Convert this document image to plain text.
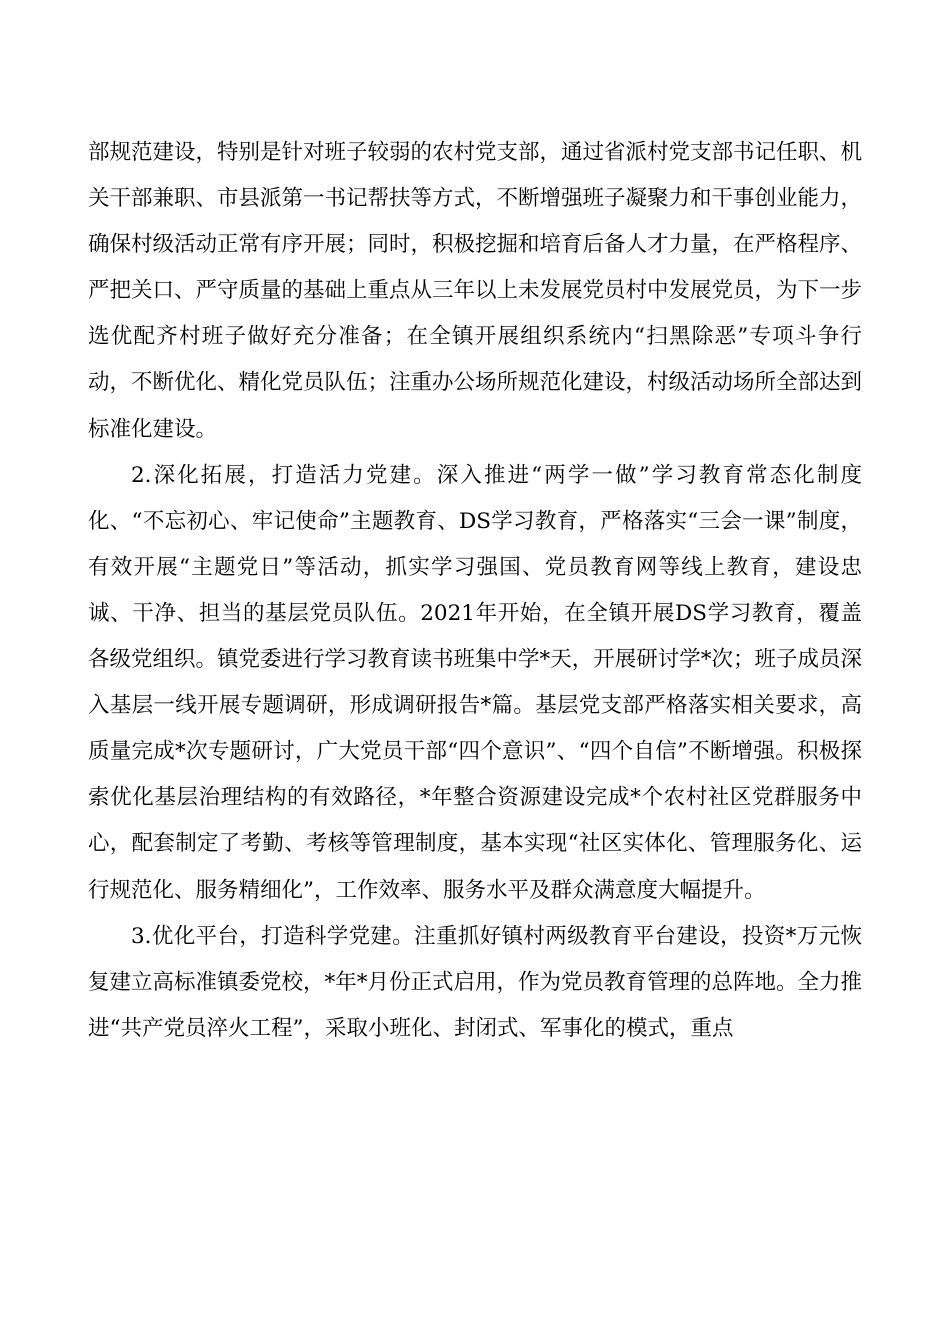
部规范建设，特别是针对班子较弱的农村党支部，通过省派村党支部书记任职、机关干部兼职、市县派第一书记帮扶等方式，不断增强班子凝聚力和干事创业能力，确保村级活动正常有序开展；同时，积极挖掘和培育后备人才力量，在严格程序、严把关口、严守质量的基础上重点从三年以上未发展党员村中发展党员，为下一步选优配齐村班子做好充分准备；在全镇开展组织系统内“扫黑除恶”专项斗争行动，不断优化、精化党员队伍；注重办公场所规范化建设，村级活动场所全部达到标准化建设。

2.深化拓展，打造活力党建。深入推进“两学一做”学习教育常态化制度化、“不忘初心、牢记使命”主题教育、DS学习教育，严格落实“三会一课”制度，有效开展“主题党日”等活动，抓实学习强国、党员教育网等线上教育，建设忠诚、干净、担当的基层党员队伍。2021年开始，在全镇开展DS学习教育，覆盖各级党组织。镇党委进行学习教育读书班集中学*天，开展研讨学*次；班子成员深入基层一线开展专题调研，形成调研报告*篇。基层党支部严格落实相关要求，高质量完成*次专题研讨，广大党员干部“四个意识”、“四个自信”不断增强。积极探索优化基层治理结构的有效路径，*年整合资源建设完成*个农村社区党群服务中心，配套制定了考勤、考核等管理制度，基本实现“社区实体化、管理服务化、运行规范化、服务精细化”，工作效率、服务水平及群众满意度大幅提升。

3.优化平台，打造科学党建。注重抓好镇村两级教育平台建设，投资*万元恢复建立高标准镇委党校，*年*月份正式启用，作为党员教育管理的总阵地。全力推进“共产党员淬火工程”，采取小班化、封闭式、军事化的模式，重点
